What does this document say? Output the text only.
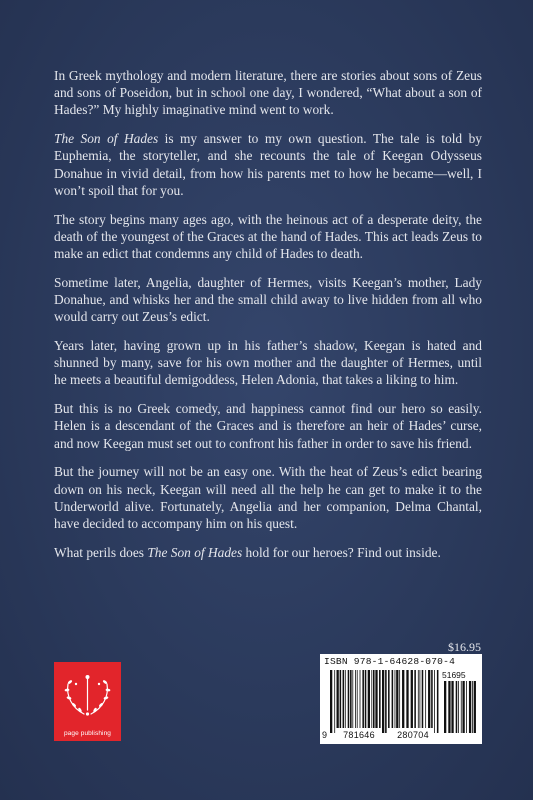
In Greek mythology and modern literature, there are stories about sons of Zeus and sons of Poseidon, but in school one day, I wondered, “What about a son of Hades?” My highly imaginative mind went to work.

The Son of Hades is my answer to my own question. The tale is told by Euphemia, the storyteller, and she recounts the tale of Keegan Odysseus Donahue in vivid detail, from how his parents met to how he became—well, I won’t spoil that for you.

The story begins many ages ago, with the heinous act of a desperate deity, the death of the youngest of the Graces at the hand of Hades. This act leads Zeus to make an edict that condemns any child of Hades to death.

Sometime later, Angelia, daughter of Hermes, visits Keegan’s mother, Lady Donahue, and whisks her and the small child away to live hidden from all who would carry out Zeus’s edict.

Years later, having grown up in his father’s shadow, Keegan is hated and shunned by many, save for his own mother and the daughter of Hermes, until he meets a beautiful demigoddess, Helen Adonia, that takes a liking to him.

But this is no Greek comedy, and happiness cannot find our hero so easily. Helen is a descendant of the Graces and is therefore an heir of Hades’ curse, and now Keegan must set out to confront his father in order to save his friend.

But the journey will not be an easy one. With the heat of Zeus’s edict bearing down on his neck, Keegan will need all the help he can get to make it to the Underworld alive. Fortunately, Angelia and her companion, Delma Chantal, have decided to accompany him on his quest.

What perils does The Son of Hades hold for our heroes? Find out inside.

$16.95
ISBN 978-1-64628-070-4
51695
9 781646 280704
page publishing
